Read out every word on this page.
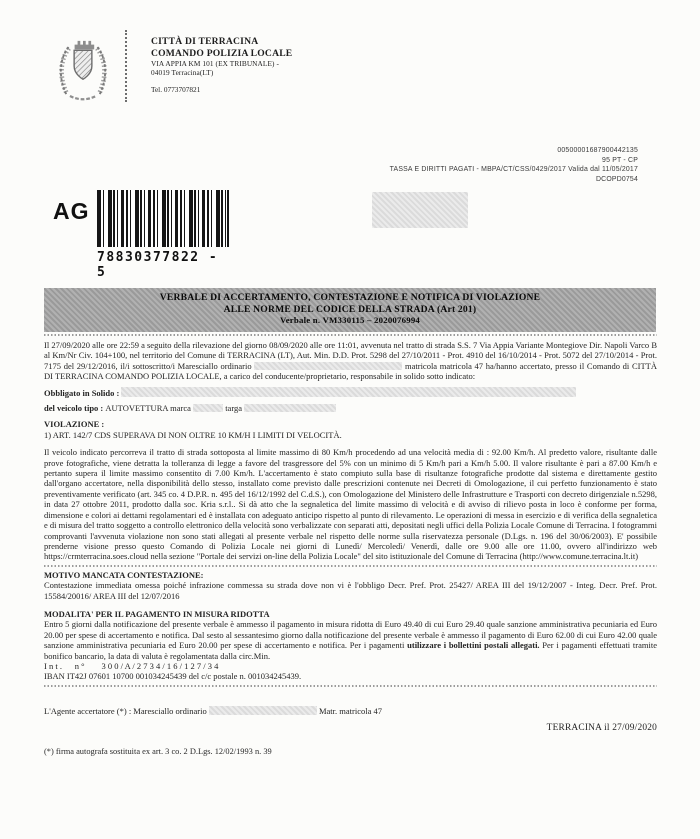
CITTÀ DI TERRACINA
COMANDO POLIZIA LOCALE
VIA APPIA KM 101 (EX TRIBUNALE) -
04019 Terracina(LT)
Tel. 0773707821
00500001687900442135
95 PT - CP
TASSA E DIRITTI PAGATI - MBPA/CT/CSS/0429/2017 Valida dal 11/05/2017
DCOPD0754
AG
78830377822 - 5
VERBALE DI ACCERTAMENTO, CONTESTAZIONE E NOTIFICA DI VIOLAZIONE
ALLE NORME DEL CODICE DELLA STRADA (Art 201)
Verbale n. VM330115 – 2020076994

Il 27/09/2020 alle ore 22:59 a seguito della rilevazione del giorno 08/09/2020 alle ore 11:01, avvenuta nel tratto di strada S.S. 7 Via Appia Variante Montegiove Dir. Napoli Varco B al Km/Nr Civ. 104+100, nel territorio del Comune di TERRACINA (LT), Aut. Min. D.D. Prot. 5298 del 27/10/2011 - Prot. 4910 del 16/10/2014 - Prot. 5072 del 27/10/2014 - Prot. 7175 del 29/12/2016, il/i sottoscritto/i Maresciallo ordinario	matricola matricola 47 ha/hanno accertato, presso il Comando di CITTÀ DI TERRACINA COMANDO POLIZIA LOCALE, a carico del conducente/proprietario, responsabile in solido sotto indicato:

Obbligato in Solido :
del veicolo tipo : AUTOVETTURA marca	targa
VIOLAZIONE :
1) ART. 142/7 CDS SUPERAVA DI NON OLTRE 10 KM/H I LIMITI DI VELOCITÀ.

Il veicolo indicato percorreva il tratto di strada sottoposta al limite massimo di 80 Km/h procedendo ad una velocità media di : 92.00 Km/h. Al predetto valore, risultante dalle prove fotografiche, viene detratta la tolleranza di legge a favore del trasgressore del 5% con un minimo di 5 Km/h pari a Km/h 5.00. Il valore risultante è pari a 87.00 Km/h e pertanto supera il limite massimo consentito di 7.00 Km/h. L'accertamento è stato compiuto sulla base di risultanze fotografiche prodotte dal sistema e direttamente gestito dall'organo accertatore, nella disponibilità dello stesso, installato come previsto dalle prescrizioni contenute nei Decreti di Omologazione, il cui perfetto funzionamento è stato preventivamente verificato (art. 345 co. 4 D.P.R. n. 495 del 16/12/1992 del C.d.S.), con Omologazione del Ministero delle Infrastrutture e Trasporti con decreto dirigenziale n.5298, in data 27 ottobre 2011, prodotto dalla soc. Kria s.r.l.. Si dà atto che la segnaletica del limite massimo di velocità e di avviso di rilievo posta in loco è conforme per forma, dimensione e colori ai dettami regolamentari ed è installata con adeguato anticipo rispetto al punto di rilevamento. Le operazioni di messa in esercizio e di verifica della segnaletica e di misura del tratto soggetto a controllo elettronico della velocità sono verbalizzate con separati atti, depositati negli uffici della Polizia Locale Comune di Terracina. I fotogrammi comprovanti l'avvenuta violazione non sono stati allegati al presente verbale nel rispetto delle norme sulla riservatezza personale (D.Lgs. n. 196 del 30/06/2003). E' possibile prenderne visione presso questo Comando di Polizia Locale nei giorni di Lunedì/ Mercoledì/ Venerdì, dalle ore 9.00 alle ore 11.00, ovvero all'indirizzo web https://crmterracina.soes.cloud nella sezione "Portale dei servizi on-line della Polizia Locale" del sito istituzionale del Comune di Terracina (http://www.comune.terracina.lt.it)

MOTIVO MANCATA CONTESTAZIONE:

Contestazione immediata omessa poiché infrazione commessa su strada dove non vi è l'obbligo Decr. Pref. Prot. 25427/ AREA III del 19/12/2007 - Integ. Decr. Pref. Prot. 15584/20016/ AREA III del 12/07/2016

MODALITA' PER IL PAGAMENTO IN MISURA RIDOTTA

Entro 5 giorni dalla notificazione del presente verbale è ammesso il pagamento in misura ridotta di Euro 49.40 di cui Euro 29.40 quale sanzione amministrativa pecuniaria ed Euro 20.00 per spese di accertamento e notifica. Dal sesto al sessantesimo giorno dalla notificazione del presente verbale è ammesso il pagamento di Euro 62.00 di cui Euro 42.00 quale sanzione amministrativa pecuniaria ed Euro 20.00 per spese di accertamento e notifica. Per i pagamenti utilizzare i bollettini postali allegati. Per i pagamenti effettuati tramite bonifico bancario, la data di valuta è regolamentata dalla circ.Min.

I n t .      n °        3 0 0 / A / 2 7 3 4 / 1 6 / 1 2 7 / 3 4
IBAN IT42J 07601 10700 001034245439 del c/c postale n. 001034245439.
L'Agente accertatore (*) : Maresciallo ordinario	Matr. matricola 47
TERRACINA il 27/09/2020
(*) firma autografa sostituita ex art. 3 co. 2 D.Lgs. 12/02/1993 n. 39
